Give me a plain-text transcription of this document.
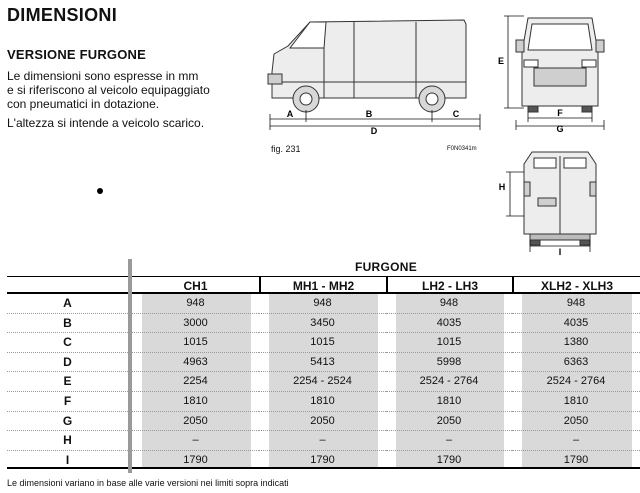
DIMENSIONI
VERSIONE FURGONE

Le dimensioni sono espresse in mm

e si riferiscono al veicolo equipaggiato

con pneumatici in dotazione.

L'altezza si intende a veicolo scarico.

A	B	C
D
E
F
G
fig. 231	F0N0341m
H
I
FURGONE
CH1	MH1 - MH2	LH2 - LH3	XLH2 - XLH3
A	948	948	948	948
B	3000	3450	4035	4035
C	1015	1015	1015	1380
D	4963	5413	5998	6363
E	2254	2254 - 2524	2524 - 2764	2524 - 2764
F	1810	1810	1810	1810
G	2050	2050	2050	2050
H	–	–	–	–
I	1790	1790	1790	1790
Le dimensioni variano in base alle varie versioni nei limiti sopra indicati
